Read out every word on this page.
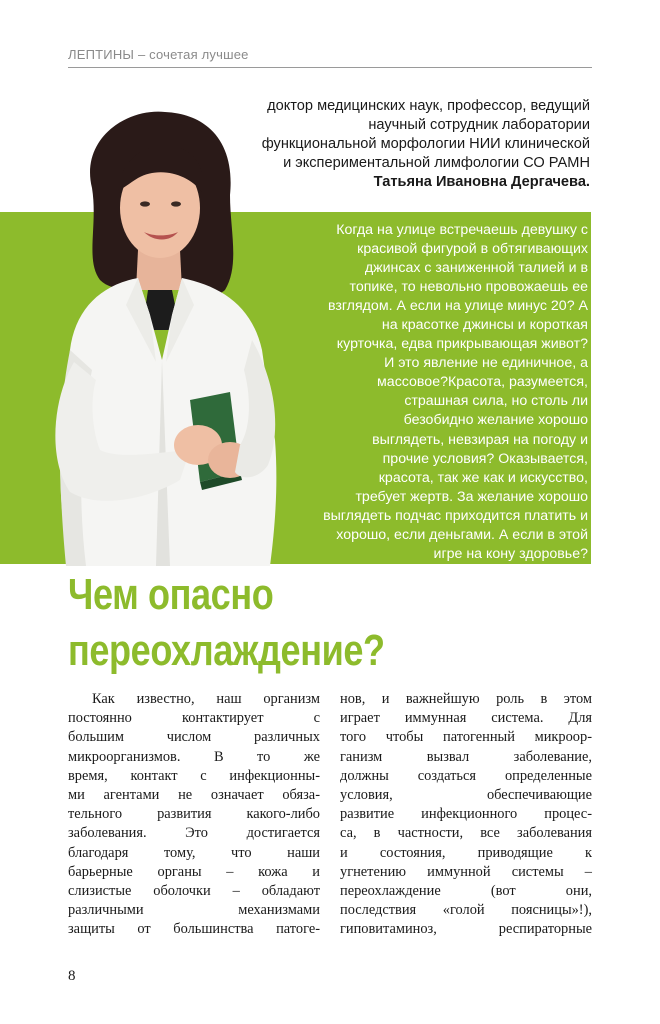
ЛЕПТИНЫ – сочетая лучшее
доктор медицинских наук, профессор, ведущий
научный сотрудник лаборатории
функциональной морфологии НИИ клинической
и экспериментальной лимфологии СО РАМН
Татьяна Ивановна Дергачева.
Когда на улице встречаешь девушку с
красивой фигурой в обтягивающих
джинсах с заниженной талией и в
топике, то невольно провожаешь ее
взглядом. А если на улице минус 20? А
на красотке джинсы и короткая
курточка, едва прикрывающая живот?
И это явление не единичное, а
массовое?Красота, разумеется,
страшная сила, но столь ли
безобидно желание хорошо
выглядеть, невзирая на погоду и
прочие условия? Оказывается,
красота, так же как и искусство,
требует жертв. За желание хорошо
выглядеть подчас приходится платить и
хорошо, если деньгами. А если в этой
игре на кону здоровье?
Чем опасно
переохлаждение?
Как известно, наш организм
постоянно контактирует с
большим числом различных
микроорганизмов. В то же
время, контакт с инфекционны-
ми агентами не означает обяза-
тельного развития какого-либо
заболевания. Это достигается
благодаря тому, что наши
барьерные органы – кожа и
слизистые оболочки – обладают
различными механизмами
защиты от большинства патоге-
нов, и важнейшую роль в этом
играет иммунная система. Для
того чтобы патогенный микроор-
ганизм вызвал заболевание,
должны создаться определенные
условия, обеспечивающие
развитие инфекционного процес-
са, в частности, все заболевания
и состояния, приводящие к
угнетению иммунной системы –
переохлаждение (вот они,
последствия «голой поясницы»!),
гиповитаминоз, респираторные
8
